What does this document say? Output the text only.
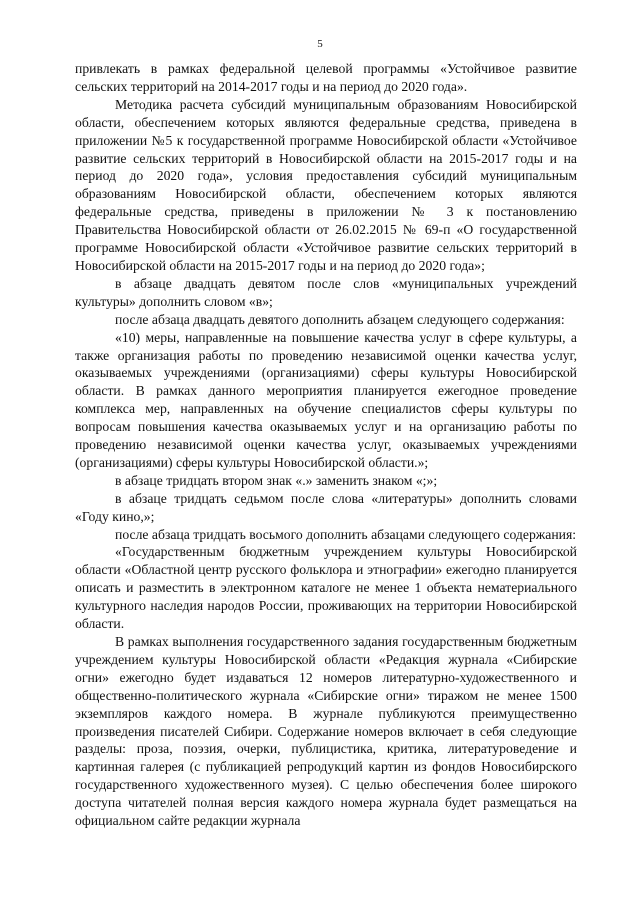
5

привлекать в рамках федеральной целевой программы «Устойчивое развитие сельских территорий на 2014-2017 годы и на период до 2020 года».

Методика расчета субсидий муниципальным образованиям Новосибирской области, обеспечением которых являются федеральные средства, приведена в приложении №5 к государственной программе Новосибирской области «Устойчивое развитие сельских территорий в Новосибирской области на 2015-2017 годы и на период до 2020 года», условия предоставления субсидий муниципальным образованиям Новосибирской области, обеспечением которых являются федеральные средства, приведены в приложении № 3 к постановлению Правительства Новосибирской области от 26.02.2015 № 69-п «О государственной программе Новосибирской области «Устойчивое развитие сельских территорий в Новосибирской области на 2015-2017 годы и на период до 2020 года»;

в абзаце двадцать девятом после слов «муниципальных учреждений культуры» дополнить словом «в»;

после абзаца двадцать девятого дополнить абзацем следующего содержания:

«10) меры, направленные на повышение качества услуг в сфере культуры, а также организация работы по проведению независимой оценки качества услуг, оказываемых учреждениями (организациями) сферы культуры Новосибирской области. В рамках данного мероприятия планируется ежегодное проведение комплекса мер, направленных на обучение специалистов сферы культуры по вопросам повышения качества оказываемых услуг и на организацию работы по проведению независимой оценки качества услуг, оказываемых учреждениями (организациями) сферы культуры Новосибирской области.»;

в абзаце тридцать втором знак «.» заменить знаком «;»;

в абзаце тридцать седьмом после слова «литературы» дополнить словами «Году кино,»;

после абзаца тридцать восьмого дополнить абзацами следующего содержания:

«Государственным бюджетным учреждением культуры Новосибирской области «Областной центр русского фольклора и этнографии» ежегодно планируется описать и разместить в электронном каталоге не менее 1 объекта нематериального культурного наследия народов России, проживающих на территории Новосибирской области.

В рамках выполнения государственного задания государственным бюджетным учреждением культуры Новосибирской области «Редакция журнала «Сибирские огни» ежегодно будет издаваться 12 номеров литературно-художественного и общественно-политического журнала «Сибирские огни» тиражом не менее 1500 экземпляров каждого номера. В журнале публикуются преимущественно произведения писателей Сибири. Содержание номеров включает в себя следующие разделы: проза, поэзия, очерки, публицистика, критика, литературоведение и картинная галерея (с публикацией репродукций картин из фондов Новосибирского государственного художественного музея). С целью обеспечения более широкого доступа читателей полная версия каждого номера журнала будет размещаться на официальном сайте редакции журнала
